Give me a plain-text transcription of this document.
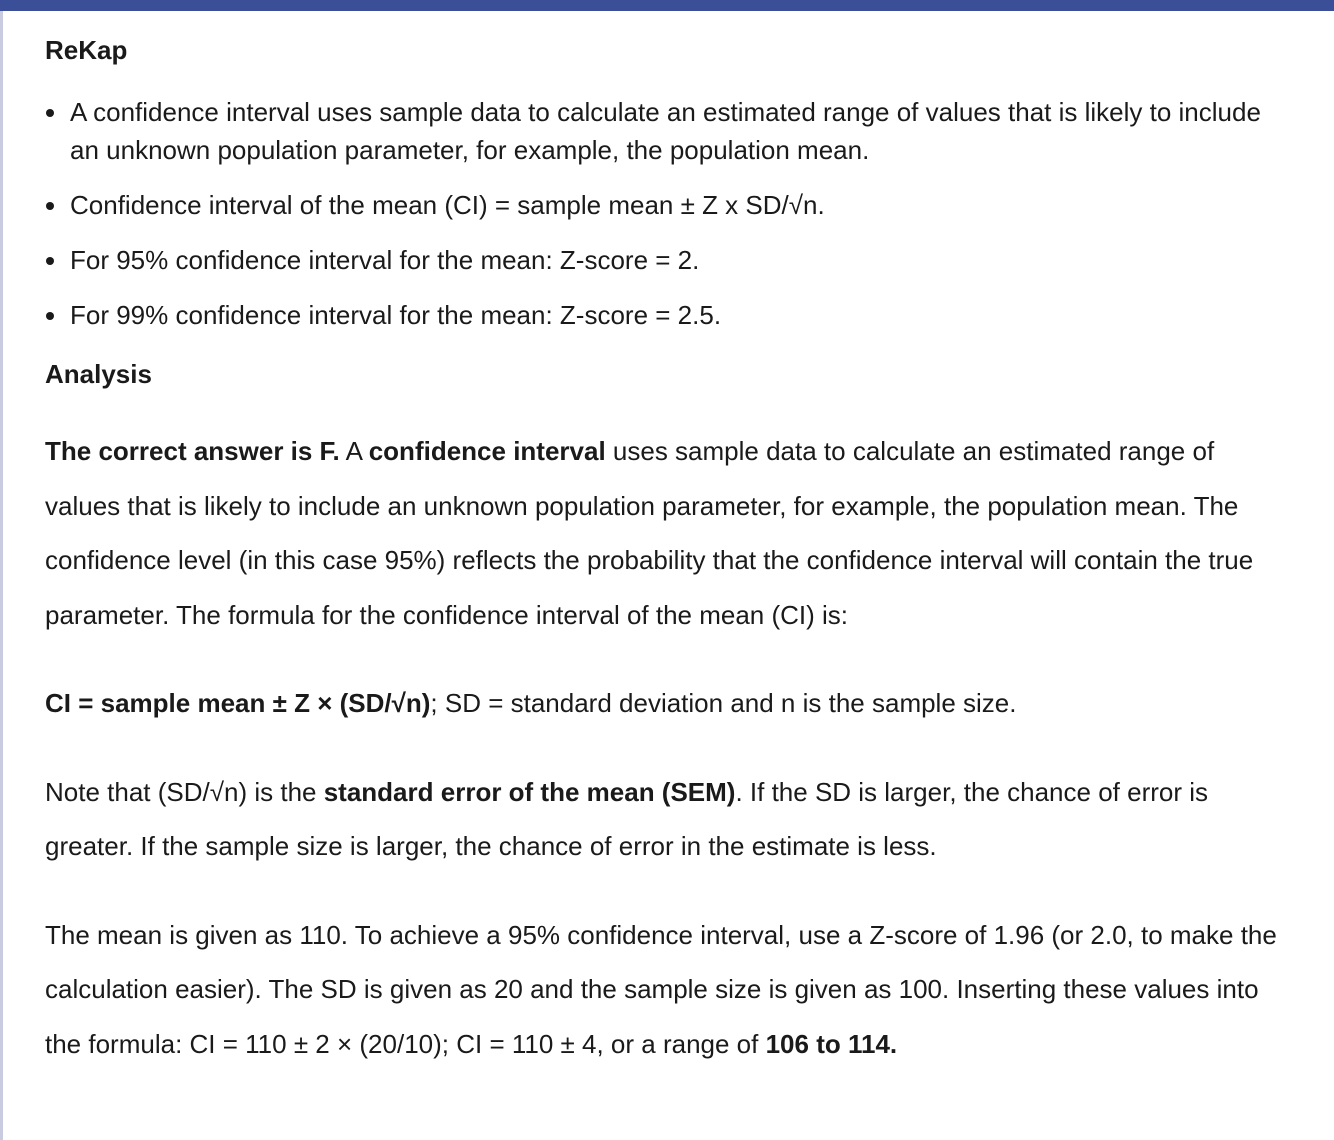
ReKap
A confidence interval uses sample data to calculate an estimated range of values that is likely to include an unknown population parameter, for example, the population mean.
Confidence interval of the mean (CI) = sample mean ± Z x SD/√n.
For 95% confidence interval for the mean: Z-score = 2.
For 99% confidence interval for the mean: Z-score = 2.5.
Analysis

The correct answer is F. A confidence interval uses sample data to calculate an estimated range of values that is likely to include an unknown population parameter, for example, the population mean. The confidence level (in this case 95%) reflects the probability that the confidence interval will contain the true parameter. The formula for the confidence interval of the mean (CI) is:

CI = sample mean ± Z × (SD/√n); SD = standard deviation and n is the sample size.

Note that (SD/√n) is the standard error of the mean (SEM). If the SD is larger, the chance of error is greater. If the sample size is larger, the chance of error in the estimate is less.

The mean is given as 110. To achieve a 95% confidence interval, use a Z-score of 1.96 (or 2.0, to make the calculation easier). The SD is given as 20 and the sample size is given as 100. Inserting these values into the formula: CI = 110 ± 2 × (20/10); CI = 110 ± 4, or a range of 106 to 114.
